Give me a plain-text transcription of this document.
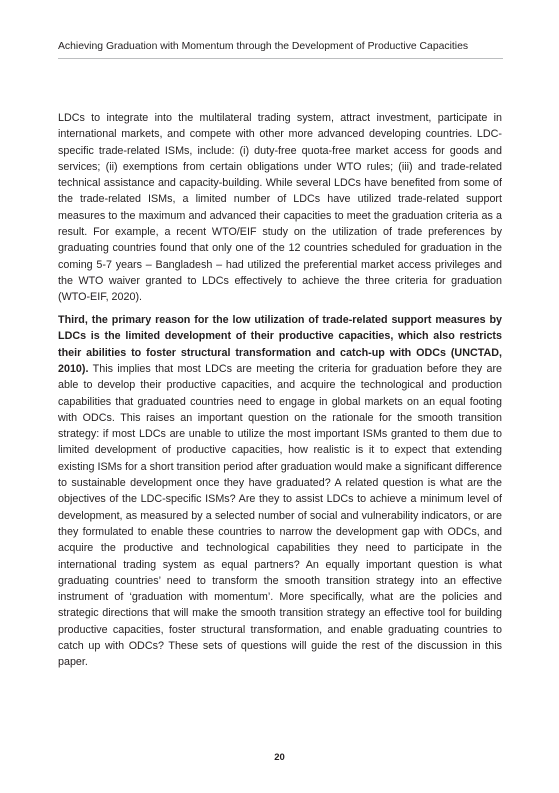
Achieving Graduation with Momentum through the Development of Productive Capacities

LDCs to integrate into the multilateral trading system, attract investment, participate in international markets, and compete with other more advanced developing countries. LDC-specific trade-related ISMs, include: (i) duty-free quota-free market access for goods and services; (ii) exemptions from certain obligations under WTO rules; (iii) and trade-related technical assistance and capacity-building. While several LDCs have benefited from some of the trade-related ISMs, a limited number of LDCs have utilized trade-related support measures to the maximum and advanced their capacities to meet the graduation criteria as a result. For example, a recent WTO/EIF study on the utilization of trade preferences by graduating countries found that only one of the 12 countries scheduled for graduation in the coming 5-7 years – Bangladesh – had utilized the preferential market access privileges and the WTO waiver granted to LDCs effectively to achieve the three criteria for graduation (WTO-EIF, 2020).

Third, the primary reason for the low utilization of trade-related support measures by LDCs is the limited development of their productive capacities, which also restricts their abilities to foster structural transformation and catch-up with ODCs (UNCTAD, 2010). This implies that most LDCs are meeting the criteria for graduation before they are able to develop their productive capacities, and acquire the technological and production capabilities that graduated countries need to engage in global markets on an equal footing with ODCs. This raises an important question on the rationale for the smooth transition strategy: if most LDCs are unable to utilize the most important ISMs granted to them due to limited development of productive capacities, how realistic is it to expect that extending existing ISMs for a short transition period after graduation would make a significant difference to sustainable development once they have graduated? A related question is what are the objectives of the LDC-specific ISMs? Are they to assist LDCs to achieve a minimum level of development, as measured by a selected number of social and vulnerability indicators, or are they formulated to enable these countries to narrow the development gap with ODCs, and acquire the productive and technological capabilities they need to participate in the international trading system as equal partners? An equally important question is what graduating countries’ need to transform the smooth transition strategy into an effective instrument of ‘graduation with momentum’. More specifically, what are the policies and strategic directions that will make the smooth transition strategy an effective tool for building productive capacities, foster structural transformation, and enable graduating countries to catch up with ODCs? These sets of questions will guide the rest of the discussion in this paper.

20
